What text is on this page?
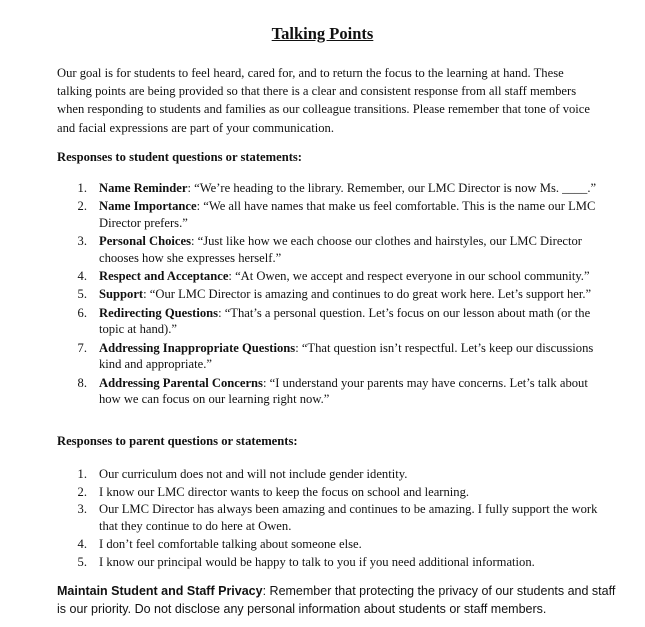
Talking Points
Our goal is for students to feel heard, cared for, and to return the focus to the learning at hand. These talking points are being provided so that there is a clear and consistent response from all staff members when responding to students and families as our colleague transitions. Please remember that tone of voice and facial expressions are part of your communication.
Responses to student questions or statements:
1. Name Reminder: “We’re heading to the library. Remember, our LMC Director is now Ms. ____.”
2. Name Importance: “We all have names that make us feel comfortable. This is the name our LMC Director prefers.”
3. Personal Choices: “Just like how we each choose our clothes and hairstyles, our LMC Director chooses how she expresses herself.”
4. Respect and Acceptance: “At Owen, we accept and respect everyone in our school community.”
5. Support: “Our LMC Director is amazing and continues to do great work here. Let’s support her.”
6. Redirecting Questions: “That’s a personal question. Let’s focus on our lesson about math (or the topic at hand).”
7. Addressing Inappropriate Questions: “That question isn’t respectful. Let’s keep our discussions kind and appropriate.”
8. Addressing Parental Concerns: “I understand your parents may have concerns. Let’s talk about how we can focus on our learning right now.”
Responses to parent questions or statements:
1. Our curriculum does not and will not include gender identity.
2. I know our LMC director wants to keep the focus on school and learning.
3. Our LMC Director has always been amazing and continues to be amazing. I fully support the work that they continue to do here at Owen.
4. I don’t feel comfortable talking about someone else.
5. I know our principal would be happy to talk to you if you need additional information.
Maintain Student and Staff Privacy: Remember that protecting the privacy of our students and staff is our priority. Do not disclose any personal information about students or staff members.
